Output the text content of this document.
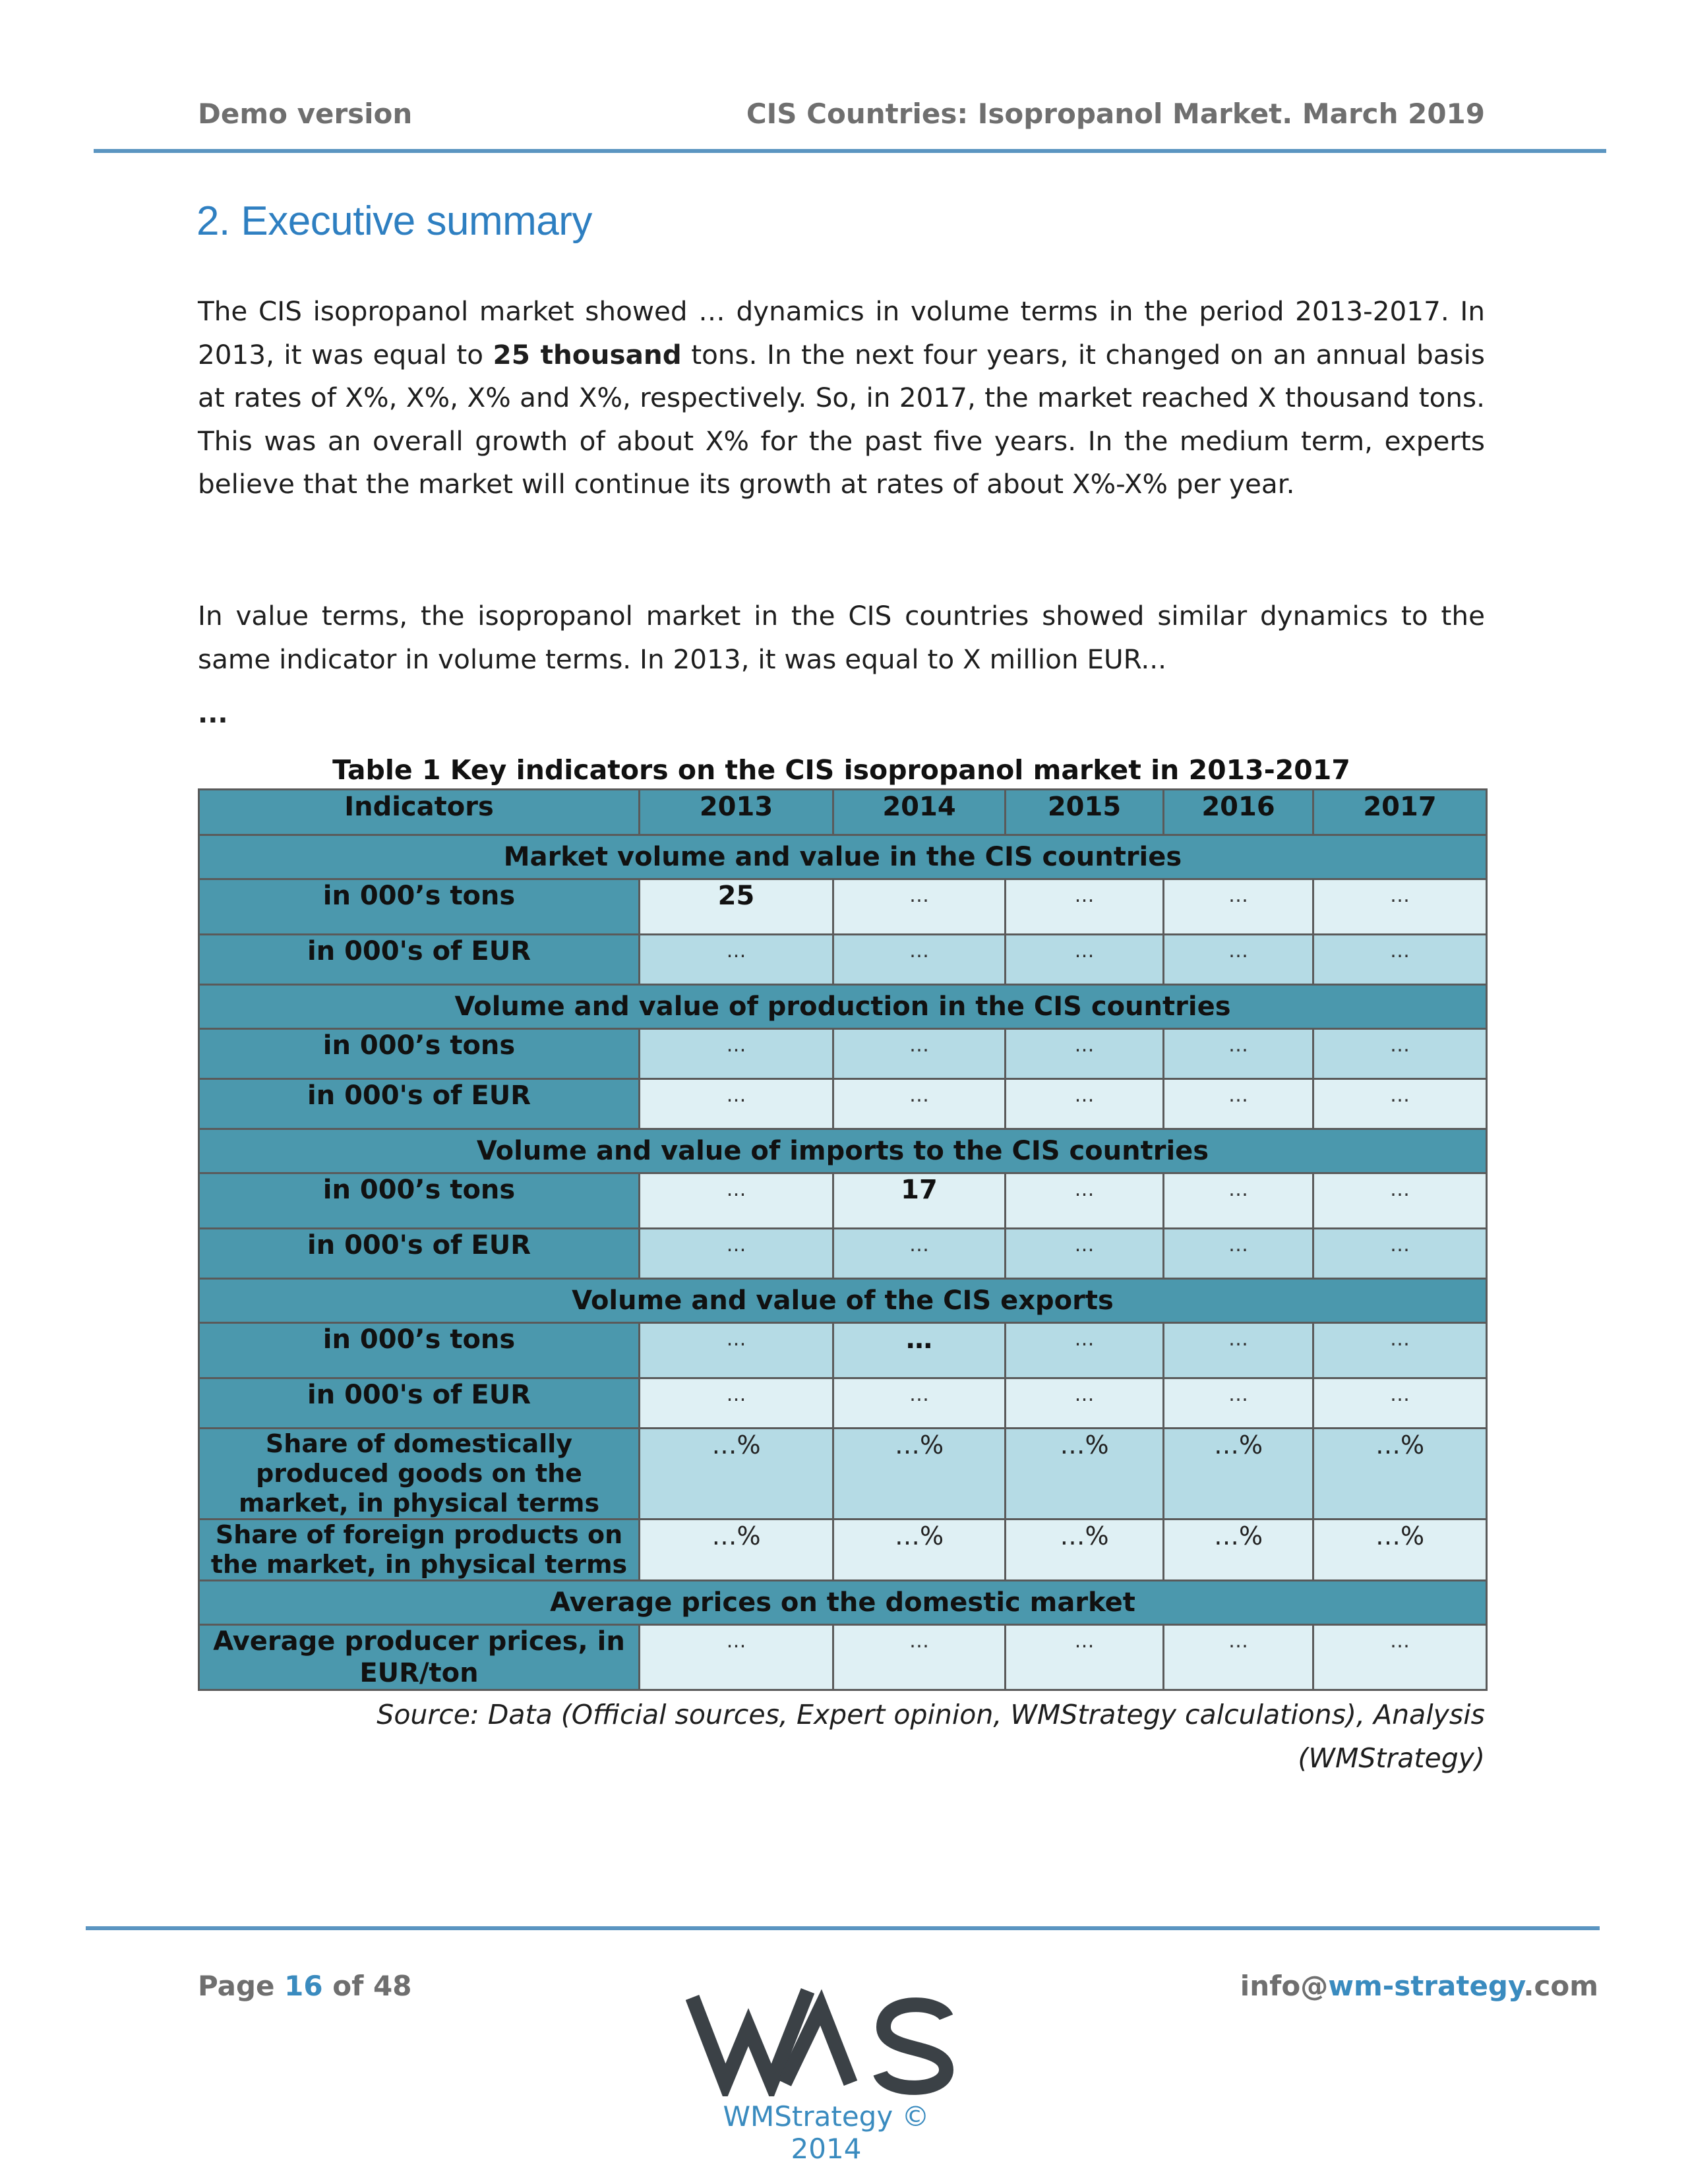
Demo version	CIS Countries: Isopropanol Market. March 2019
2. Executive summary
The CIS isopropanol market showed … dynamics in volume terms in the period 2013-2017. In 2013, it was equal to 25 thousand tons. In the next four years, it changed on an annual basis at rates of X%, X%, X% and X%, respectively. So, in 2017, the market reached X thousand tons. This was an overall growth of about X% for the past five years. In the medium term, experts believe that the market will continue its growth at rates of about X%-X% per year.
In value terms, the isopropanol market in the CIS countries showed similar dynamics to the same indicator in volume terms. In 2013, it was equal to X million EUR...
...
Table 1 Key indicators on the CIS isopropanol market in 2013-2017
Indicators	2013	2014	2015	2016	2017
Market volume and value in the CIS countries					
in 000’s tons	25	…	…	…	…
in 000's of EUR	…	…	…	…	…
Volume and value of production in the CIS countries					
in 000’s tons	…	…	…	…	…
in 000's of EUR	…	…	…	…	…
Volume and value of imports to the CIS countries					
in 000’s tons	…	17	…	…	…
in 000's of EUR	…	…	…	…	…
Volume and value of the CIS exports					
in 000’s tons	…	…	…	…	…
in 000's of EUR	…	…	…	…	…
Share of domestically produced goods on the market, in physical terms	…%	…%	…%	…%	…%
Share of foreign products on the market, in physical terms	…%	…%	…%	…%	…%
Average prices on the domestic market					
Average producer prices, in EUR/ton	…	…	…	…	…
Source: Data (Official sources, Expert opinion, WMStrategy calculations), Analysis (WMStrategy)
Page 16 of 48	info@wm-strategy.com
WMStrategy © 2014
